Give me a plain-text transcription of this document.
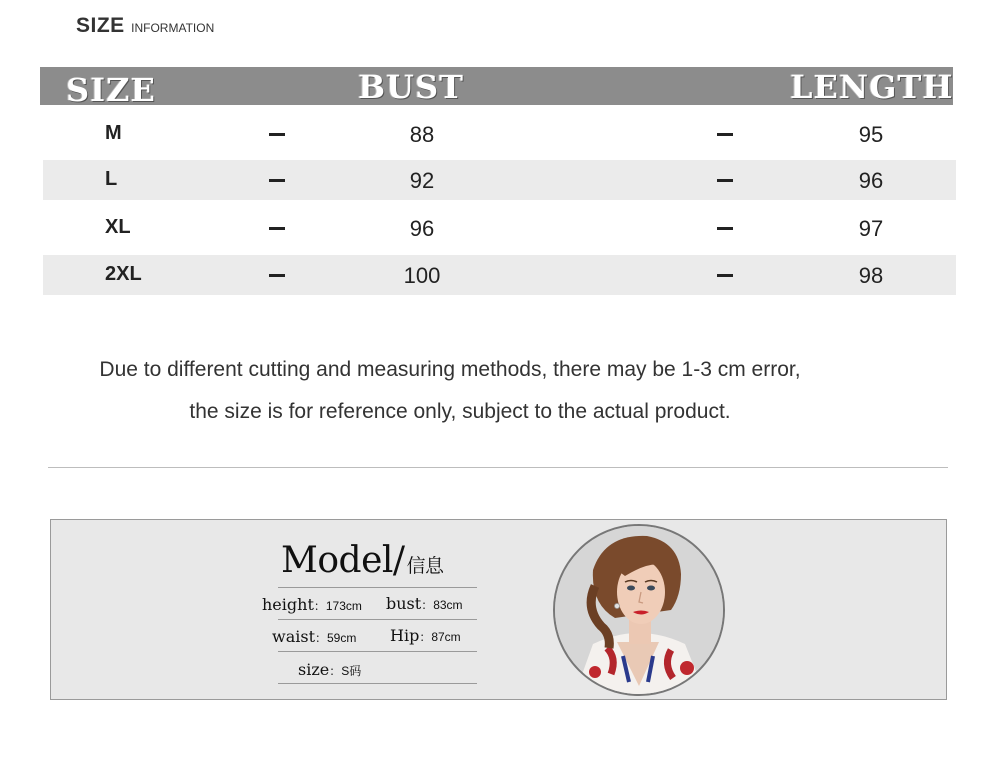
SIZE INFORMATION
SIZE	BUST	LENGTH
M	88	95
L	92	96
XL	96	97
2XL	100	98
Due to different cutting and measuring methods, there may be 1-3 cm error,
the size is for reference only, subject to the actual product.
Model/ 信息
height：173cm bust：83cm
waist：59cm Hip：87cm
size：S码
